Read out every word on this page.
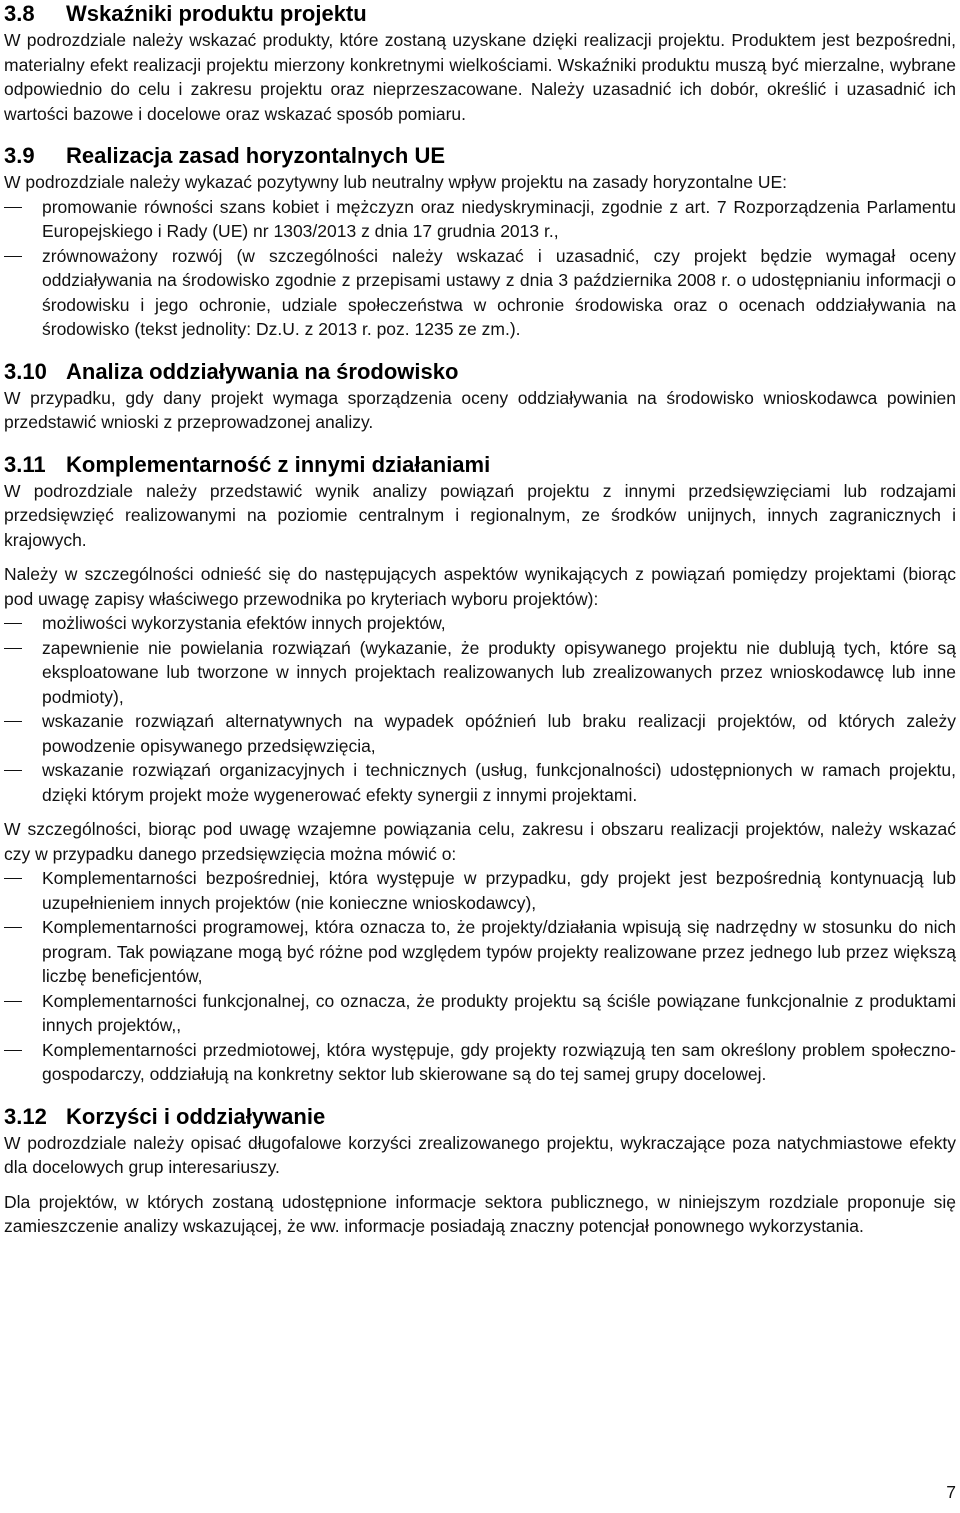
3.8 Wskaźniki produktu projektu

W podrozdziale należy wskazać produkty, które zostaną uzyskane dzięki realizacji projektu. Produktem jest bezpośredni, materialny efekt realizacji projektu mierzony konkretnymi wielkościami. Wskaźniki produktu muszą być mierzalne, wybrane odpowiednio do celu i zakresu projektu oraz nieprzeszacowane. Należy uzasadnić ich dobór, określić i uzasadnić ich wartości bazowe i docelowe oraz wskazać sposób pomiaru.

3.9 Realizacja zasad horyzontalnych UE

W podrozdziale należy wykazać pozytywny lub neutralny wpływ projektu na zasady horyzontalne UE:

promowanie równości szans kobiet i mężczyzn oraz niedyskryminacji, zgodnie z art. 7 Rozporządzenia Parlamentu Europejskiego i Rady (UE) nr 1303/2013 z dnia 17 grudnia 2013 r.,
zrównoważony rozwój (w szczególności należy wskazać i uzasadnić, czy projekt będzie wymagał oceny oddziaływania na środowisko zgodnie z przepisami ustawy z dnia 3 października 2008 r. o udostępnianiu informacji o środowisku i jego ochronie, udziale społeczeństwa w ochronie środowiska oraz o ocenach oddziaływania na środowisko (tekst jednolity: Dz.U. z 2013 r. poz. 1235 ze zm.).
3.10 Analiza oddziaływania na środowisko

W przypadku, gdy dany projekt wymaga sporządzenia oceny oddziaływania na środowisko wnioskodawca powinien przedstawić wnioski z przeprowadzonej analizy.

3.11 Komplementarność z innymi działaniami

W podrozdziale należy przedstawić wynik analizy powiązań projektu z innymi przedsięwzięciami lub rodzajami przedsięwzięć realizowanymi na poziomie centralnym i regionalnym, ze środków unijnych, innych zagranicznych i krajowych.

Należy w szczególności odnieść się do następujących aspektów wynikających z powiązań pomiędzy projektami (biorąc pod uwagę zapisy właściwego przewodnika po kryteriach wyboru projektów):

możliwości wykorzystania efektów innych projektów,
zapewnienie nie powielania rozwiązań (wykazanie, że produkty opisywanego projektu nie dublują tych, które są eksploatowane lub tworzone w innych projektach realizowanych lub zrealizowanych przez wnioskodawcę lub inne podmioty),
wskazanie rozwiązań alternatywnych na wypadek opóźnień lub braku realizacji projektów, od których zależy powodzenie opisywanego przedsięwzięcia,
wskazanie rozwiązań organizacyjnych i technicznych (usług, funkcjonalności) udostępnionych w ramach projektu, dzięki którym projekt może wygenerować efekty synergii z innymi projektami.

W szczególności, biorąc pod uwagę wzajemne powiązania celu, zakresu i obszaru realizacji projektów, należy wskazać czy w przypadku danego przedsięwzięcia można mówić o:

Komplementarności bezpośredniej, która występuje w przypadku, gdy projekt jest bezpośrednią kontynuacją lub uzupełnieniem innych projektów (nie konieczne wnioskodawcy),
Komplementarności programowej, która oznacza to, że projekty/działania wpisują się nadrzędny w stosunku do nich program. Tak powiązane mogą być różne pod względem typów projekty realizowane przez jednego lub przez większą liczbę beneficjentów,
Komplementarności funkcjonalnej, co oznacza, że produkty projektu są ściśle powiązane funkcjonalnie z produktami innych projektów,,
Komplementarności przedmiotowej, która występuje, gdy projekty rozwiązują ten sam określony problem społeczno-gospodarczy, oddziałują na konkretny sektor lub skierowane są do tej samej grupy docelowej.
3.12 Korzyści i oddziaływanie

W podrozdziale należy opisać długofalowe korzyści zrealizowanego projektu, wykraczające poza natychmiastowe efekty dla docelowych grup interesariuszy.

Dla projektów, w których zostaną udostępnione informacje sektora publicznego, w niniejszym rozdziale proponuje się zamieszczenie analizy wskazującej, że ww. informacje posiadają znaczny potencjał ponownego wykorzystania.

7
